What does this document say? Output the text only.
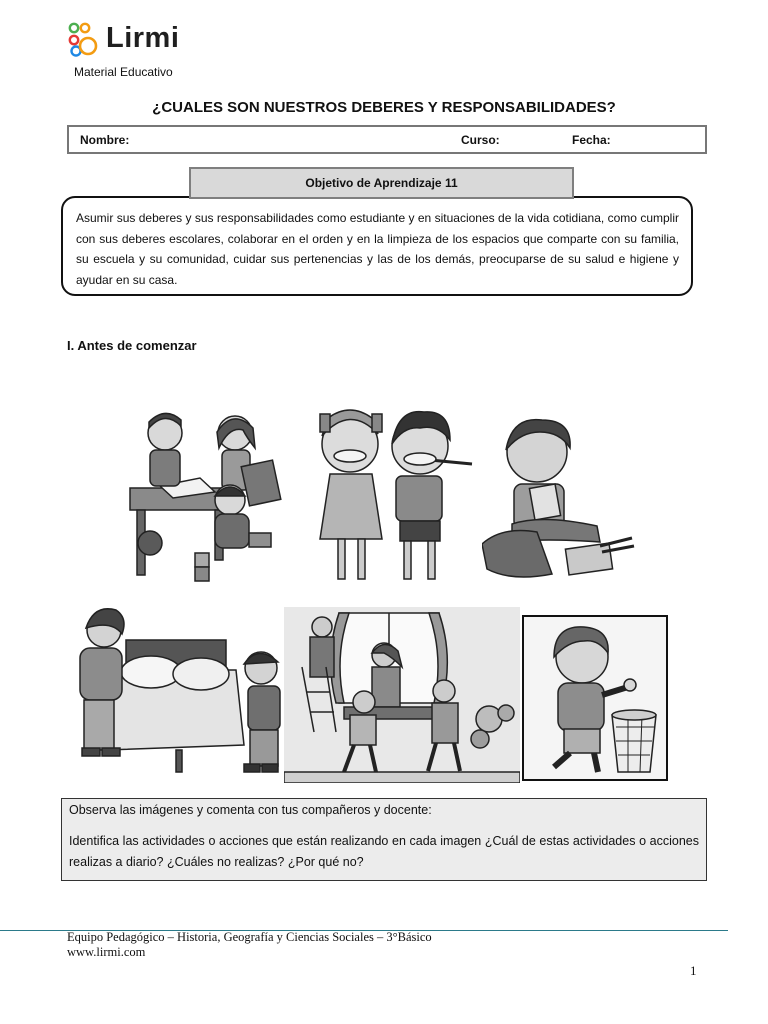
Lirmi
Material Educativo
¿CUALES SON NUESTROS DEBERES Y RESPONSABILIDADES?
Nombre:	Curso:	Fecha:
Asumir sus deberes y sus responsabilidades como estudiante y en situaciones de la vida cotidiana, como cumplir con sus deberes escolares, colaborar en el orden y en la limpieza de los espacios que comparte con su familia, su escuela y su comunidad, cuidar sus pertenencias y las de los demás, preocuparse de su salud e higiene y ayudar en su casa.
Objetivo de Aprendizaje 11
I. Antes de comenzar
Observa las imágenes y comenta con tus compañeros y docente:
Identifica las actividades o acciones que están realizando en cada imagen ¿Cuál de estas actividades o acciones realizas a diario? ¿Cuáles no realizas? ¿Por qué no?
Equipo Pedagógico – Historia, Geografía y Ciencias Sociales – 3°Básico
www.lirmi.com
1
